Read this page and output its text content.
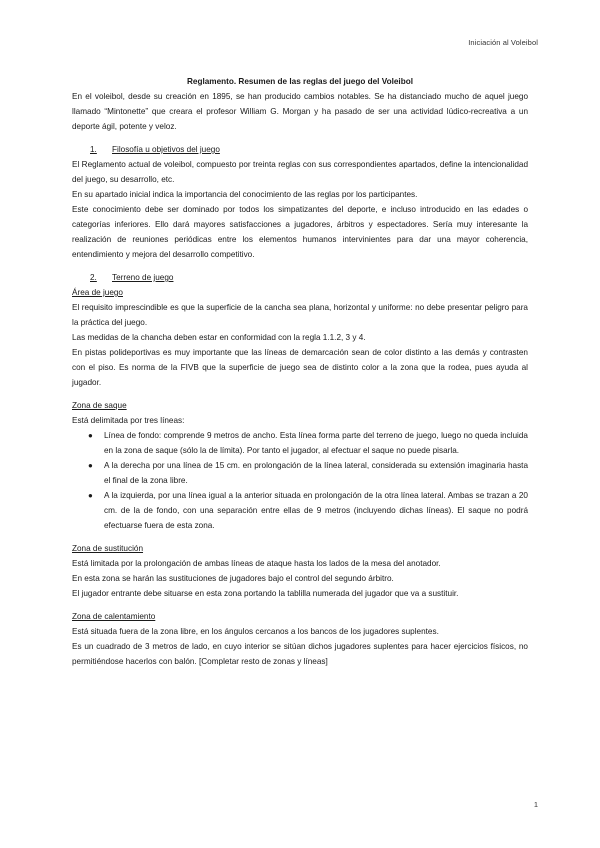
Iniciación al Voleibol
Reglamento. Resumen de las reglas del juego del Voleibol

En el voleibol, desde su creación en 1895, se han producido cambios notables. Se ha distanciado mucho de aquel juego llamado “Mintonette” que creara el profesor William G. Morgan y ha pasado de ser una actividad lúdico-recreativa a un deporte ágil, potente y veloz.

1.	Filosofía u objetivos del juego

El Reglamento actual de voleibol, compuesto por treinta reglas con sus correspondientes apartados, define la intencionalidad del juego, su desarrollo, etc.

En su apartado inicial indica la importancia del conocimiento de las reglas por los participantes.

Este conocimiento debe ser dominado por todos los simpatizantes del deporte, e incluso introducido en las edades o categorías inferiores. Ello dará mayores satisfacciones a jugadores, árbitros y espectadores. Sería muy interesante la realización de reuniones periódicas entre los elementos humanos intervinientes para dar una mayor coherencia, entendimiento y mejora del desarrollo competitivo.

2.	Terreno de juego
Área de juego

El requisito imprescindible es que la superficie de la cancha sea plana, horizontal y uniforme: no debe presentar peligro para la práctica del juego.

Las medidas de la chancha deben estar en conformidad con la regla 1.1.2, 3 y 4.

En pistas polideportivas es muy importante que las líneas de demarcación sean de color distinto a las demás y contrasten con el piso. Es norma de la FIVB que la superficie de juego sea de distinto color a la zona que la rodea, pues ayuda al jugador.

Zona de saque

Está delimitada por tres líneas:

● Línea de fondo: comprende 9 metros de ancho. Esta línea forma parte del terreno de juego, luego no queda incluida en la zona de saque (sólo la de límita). Por tanto el jugador, al efectuar el saque no puede pisarla.
● A la derecha por una línea de 15 cm. en prolongación de la línea lateral, considerada su extensión imaginaria hasta el final de la zona libre.
● A la izquierda, por una línea igual a la anterior situada en prolongación de la otra línea lateral. Ambas se trazan a 20 cm. de la de fondo, con una separación entre ellas de 9 metros (incluyendo dichas líneas). El saque no podrá efectuarse fuera de esta zona.
Zona de sustitución

Está limitada por la prolongación de ambas líneas de ataque hasta los lados de la mesa del anotador.

En esta zona se harán las sustituciones de jugadores bajo el control del segundo árbitro.

El jugador entrante debe situarse en esta zona portando la tablilla numerada del jugador que va a sustituir.

Zona de calentamiento

Está situada fuera de la zona libre, en los ángulos cercanos a los bancos de los jugadores suplentes.

Es un cuadrado de 3 metros de lado, en cuyo interior se sitúan dichos jugadores suplentes para hacer ejercicios físicos, no permitiéndose hacerlos con balón. [Completar resto de zonas y líneas]

1
